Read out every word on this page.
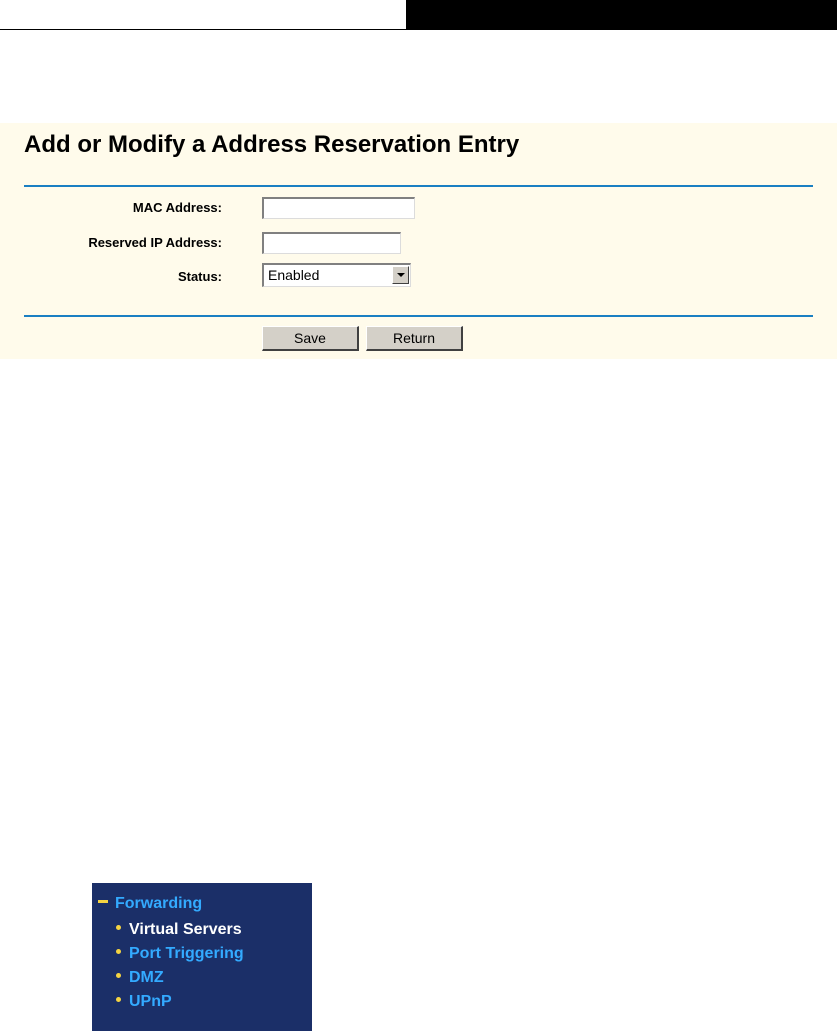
Add or Modify a Address Reservation Entry
MAC Address:
Reserved IP Address:
Status:	Enabled
Save	Return
Forwarding
Virtual Servers
Port Triggering
DMZ
UPnP
